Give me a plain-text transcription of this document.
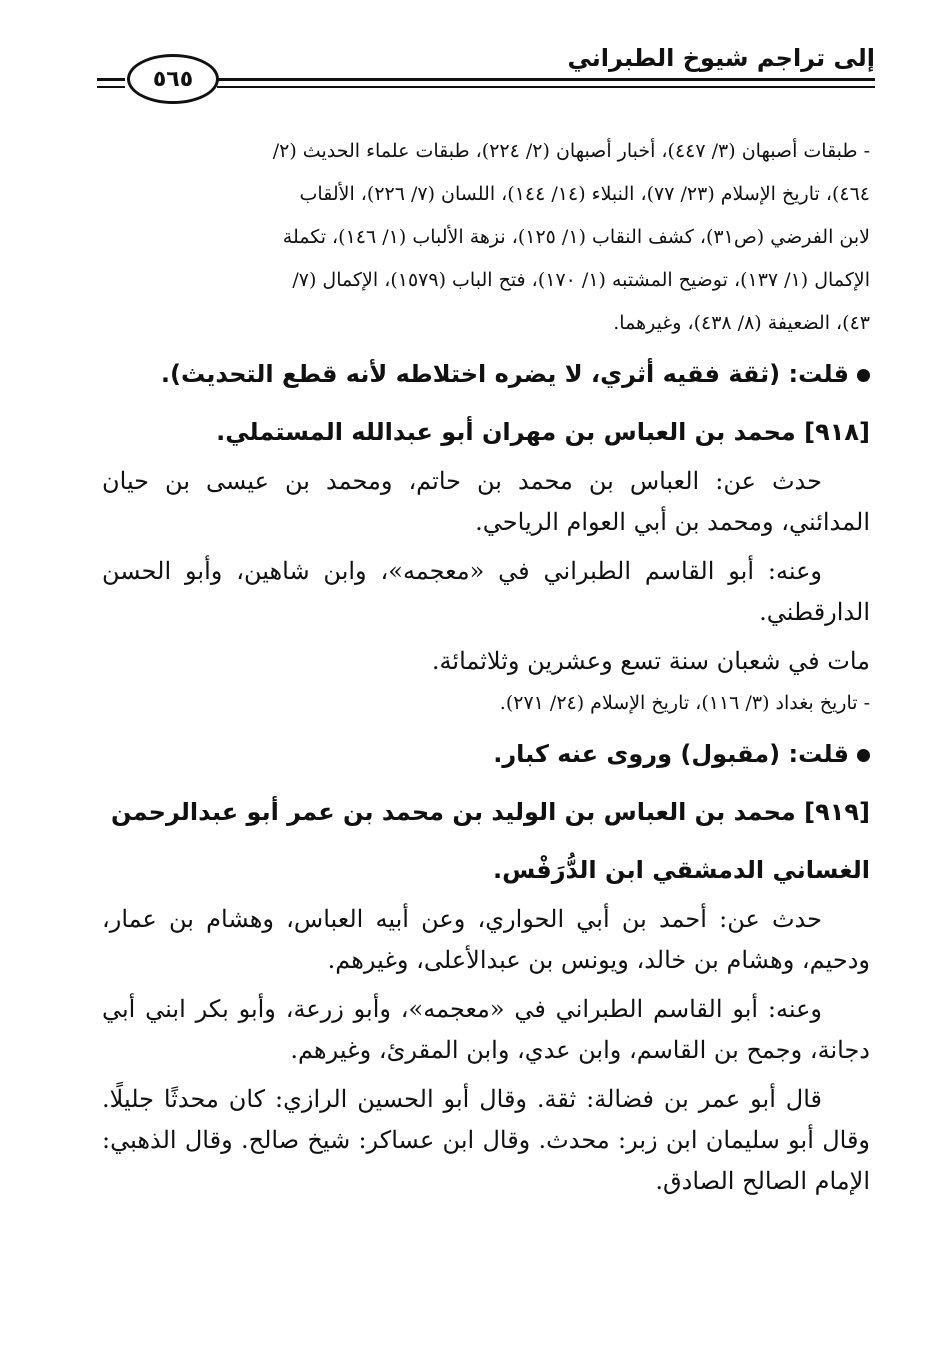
إلى تراجم شيوخ الطبراني
٥٦٥

- طبقات أصبهان (٣/ ٤٤٧)، أخبار أصبهان (٢/ ٢٢٤)، طبقات علماء الحديث (٢/

٤٦٤)، تاريخ الإسلام (٢٣/ ٧٧)، النبلاء (١٤/ ١٤٤)، اللسان (٧/ ٢٢٦)، الألقاب

لابن الفرضي (ص٣١)، كشف النقاب (١/ ١٢٥)، نزهة الألباب (١/ ١٤٦)، تكملة

الإكمال (١/ ١٣٧)، توضيح المشتبه (١/ ١٧٠)، فتح الباب (١٥٧٩)، الإكمال (٧/

٤٣)، الضعيفة (٨/ ٤٣٨)، وغيرهما.

قلت: (ثقة فقيه أثري، لا يضره اختلاطه لأنه قطع التحديث).

[٩١٨] محمد بن العباس بن مهران أبو عبدالله المستملي.

حدث عن: العباس بن محمد بن حاتم، ومحمد بن عيسى بن حيان المدائني، ومحمد بن أبي العوام الرياحي.

وعنه: أبو القاسم الطبراني في «معجمه»، وابن شاهين، وأبو الحسن الدارقطني.

مات في شعبان سنة تسع وعشرين وثلاثمائة.

- تاريخ بغداد (٣/ ١١٦)، تاريخ الإسلام (٢٤/ ٢٧١).

قلت: (مقبول) وروى عنه كبار.

[٩١٩] محمد بن العباس بن الوليد بن محمد بن عمر أبو عبدالرحمن الغساني الدمشقي ابن الدُّرَفْس.

حدث عن: أحمد بن أبي الحواري، وعن أبيه العباس، وهشام بن عمار، ودحيم، وهشام بن خالد، ويونس بن عبدالأعلى، وغيرهم.

وعنه: أبو القاسم الطبراني في «معجمه»، وأبو زرعة، وأبو بكر ابني أبي دجانة، وجمح بن القاسم، وابن عدي، وابن المقرئ، وغيرهم.

قال أبو عمر بن فضالة: ثقة. وقال أبو الحسين الرازي: كان محدثًا جليلًا. وقال أبو سليمان ابن زبر: محدث. وقال ابن عساكر: شيخ صالح. وقال الذهبي: الإمام الصالح الصادق.
